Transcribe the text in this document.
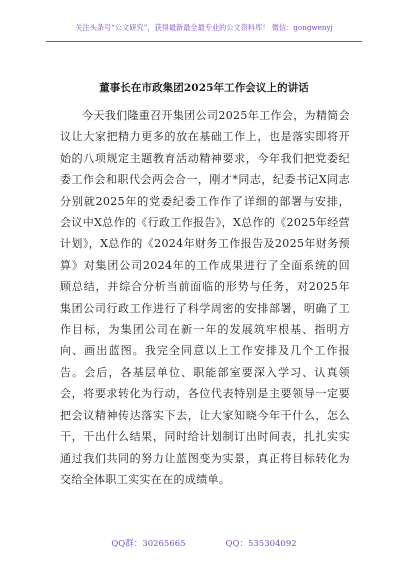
关注头条号“公文研究”，获得最新最全最专业的公文资料库！ 微信：gongwenyj
董事长在市政集团2025年工作会议上的讲话

今天我们隆重召开集团公司2025年工作会，为精简会议让大家把精力更多的放在基础工作上，也是落实即将开始的八项规定主题教育活动精神要求，今年我们把党委纪委工作会和职代会两会合一，刚才*同志，纪委书记X同志分别就2025年的党委纪委工作作了详细的部署与安排，会议中X总作的《行政工作报告》，X总作的《2025年经营计划》，X总作的《2024年财务工作报告及2025年财务预算》对集团公司2024年的工作成果进行了全面系统的回顾总结，并综合分析当前面临的形势与任务，对2025年集团公司行政工作进行了科学周密的安排部署，明确了工作目标，为集团公司在新一年的发展筑牢根基、指明方向、画出蓝图。我完全同意以上工作安排及几个工作报告。会后，各基层单位、职能部室要深入学习、认真领会，将要求转化为行动，各位代表特别是主要领导一定要把会议精神传达落实下去，让大家知晓今年干什么，怎么干，干出什么结果，同时给计划制订出时间表，扎扎实实通过我们共同的努力让蓝图变为实景，真正将目标转化为交给全体职工实实在在的成绩单。

QQ群：30265665	QQ：535304092
